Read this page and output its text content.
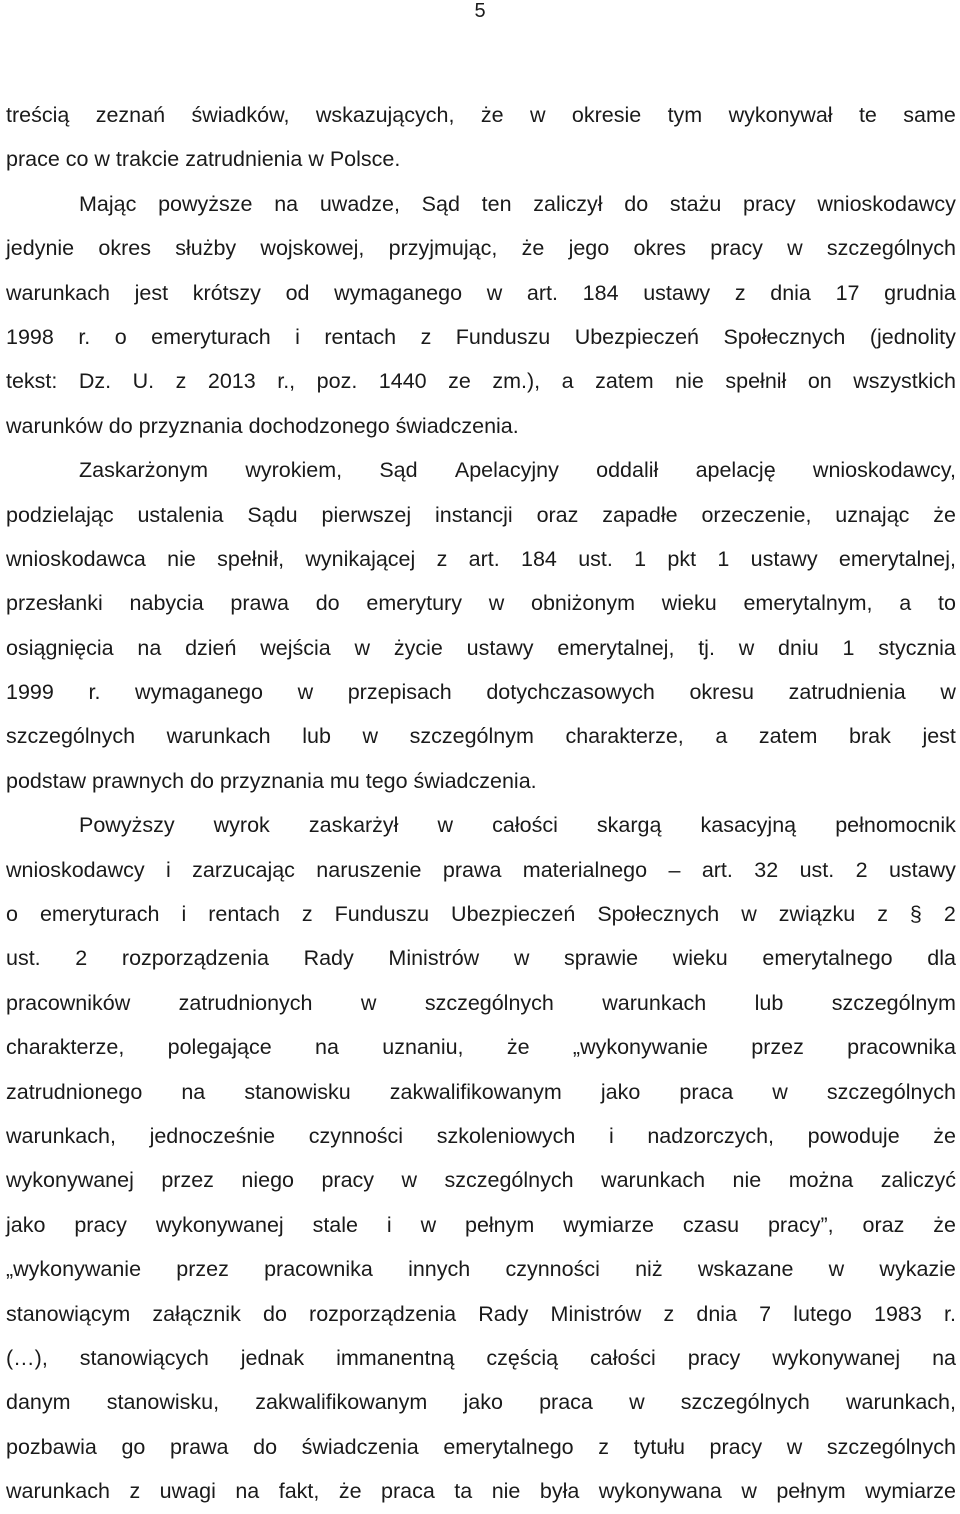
5
treścią zeznań świadków, wskazujących, że w okresie tym wykonywał te same
prace co w trakcie zatrudnienia w Polsce.
Mając powyższe na uwadze, Sąd ten zaliczył do stażu pracy wnioskodawcy
jedynie okres służby wojskowej, przyjmując, że jego okres pracy w szczególnych
warunkach jest krótszy od wymaganego w art. 184 ustawy z dnia 17 grudnia
1998 r. o emeryturach i rentach z Funduszu Ubezpieczeń Społecznych (jednolity
tekst: Dz. U. z 2013 r., poz. 1440 ze zm.), a zatem nie spełnił on wszystkich
warunków do przyznania dochodzonego świadczenia.
Zaskarżonym wyrokiem, Sąd Apelacyjny oddalił apelację wnioskodawcy,
podzielając ustalenia Sądu pierwszej instancji oraz zapadłe orzeczenie, uznając że
wnioskodawca nie spełnił, wynikającej z art. 184 ust. 1 pkt 1 ustawy emerytalnej,
przesłanki nabycia prawa do emerytury w obniżonym wieku emerytalnym, a to
osiągnięcia na dzień wejścia w życie ustawy emerytalnej, tj. w dniu 1 stycznia
1999 r. wymaganego w przepisach dotychczasowych okresu zatrudnienia w
szczególnych warunkach lub w szczególnym charakterze, a zatem brak jest
podstaw prawnych do przyznania mu tego świadczenia.
Powyższy wyrok zaskarżył w całości skargą kasacyjną pełnomocnik
wnioskodawcy i zarzucając naruszenie prawa materialnego – art. 32 ust. 2 ustawy
o emeryturach i rentach z Funduszu Ubezpieczeń Społecznych w związku z § 2
ust. 2 rozporządzenia Rady Ministrów w sprawie wieku emerytalnego dla
pracowników zatrudnionych w szczególnych warunkach lub szczególnym
charakterze, polegające na uznaniu, że „wykonywanie przez pracownika
zatrudnionego na stanowisku zakwalifikowanym jako praca w szczególnych
warunkach, jednocześnie czynności szkoleniowych i nadzorczych, powoduje że
wykonywanej przez niego pracy w szczególnych warunkach nie można zaliczyć
jako pracy wykonywanej stale i w pełnym wymiarze czasu pracy”, oraz że
„wykonywanie przez pracownika innych czynności niż wskazane w wykazie
stanowiącym załącznik do rozporządzenia Rady Ministrów z dnia 7 lutego 1983 r.
(…), stanowiących jednak immanentną częścią całości pracy wykonywanej na
danym stanowisku, zakwalifikowanym jako praca w szczególnych warunkach,
pozbawia go prawa do świadczenia emerytalnego z tytułu pracy w szczególnych
warunkach z uwagi na fakt, że praca ta nie była wykonywana w pełnym wymiarze
